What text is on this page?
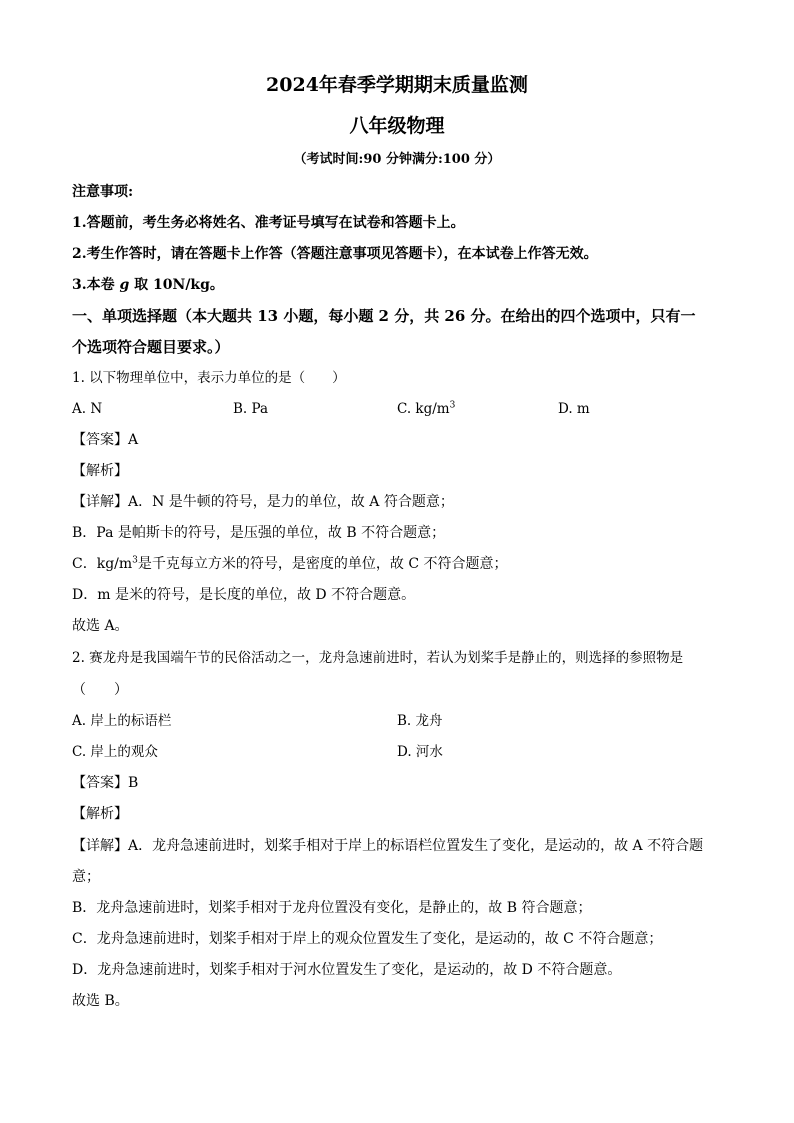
2024年春季学期期末质量监测
八年级物理
（考试时间:90 分钟满分:100 分）
注意事项:
1.答题前，考生务必将姓名、准考证号填写在试卷和答题卡上。
2.考生作答时，请在答题卡上作答（答题注意事项见答题卡），在本试卷上作答无效。
3.本卷 g 取 10N/kg。
一、单项选择题（本大题共 13 小题，每小题 2 分，共 26 分。在给出的四个选项中，只有一
个选项符合题目要求。）
1. 以下物理单位中，表示力单位的是（　　）
A. N	B. Pa	C. $kg/m^3$	D. m
【答案】A
【解析】
【详解】A．N 是牛顿的符号，是力的单位，故 A 符合题意；
B．Pa 是帕斯卡的符号，是压强的单位，故 B 不符合题意；
C．$kg/m^3$是千克每立方米的符号，是密度的单位，故 C 不符合题意；
D．m 是米的符号，是长度的单位，故 D 不符合题意。
故选 A。
2. 赛龙舟是我国端午节的民俗活动之一，龙舟急速前进时，若认为划桨手是静止的，则选择的参照物是
（　　）
A. 岸上的标语栏	B. 龙舟
C. 岸上的观众	D. 河水
【答案】B
【解析】
【详解】A．龙舟急速前进时，划桨手相对于岸上的标语栏位置发生了变化，是运动的，故 A 不符合题
意；
B．龙舟急速前进时，划桨手相对于龙舟位置没有变化，是静止的，故 B 符合题意；
C．龙舟急速前进时，划桨手相对于岸上的观众位置发生了变化，是运动的，故 C 不符合题意；
D．龙舟急速前进时，划桨手相对于河水位置发生了变化，是运动的，故 D 不符合题意。
故选 B。
